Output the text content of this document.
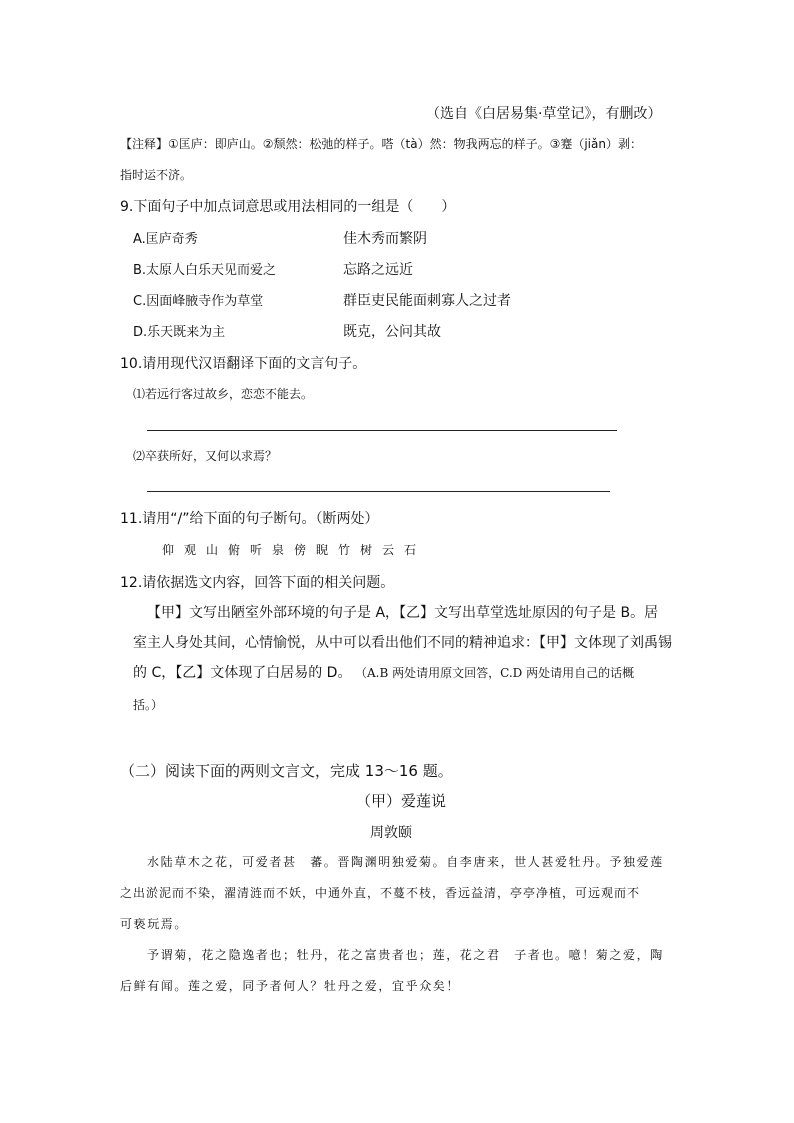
（选自《白居易集·草堂记》，有删改）
【注释】①匡庐：即庐山。②颓然：松弛的样子。嗒（tà）然：物我两忘的样子。③蹇（jiǎn）剥：
指时运不济。
9.下面句子中加点词意思或用法相同的一组是（　　）
A.匡庐奇秀	佳木秀而繁阴
B.太原人白乐天见而爱之	忘路之远近
C.因面峰腋寺作为草堂	群臣吏民能面刺寡人之过者
D.乐天既来为主	既克，公问其故
10.请用现代汉语翻译下面的文言句子。
⑴若远行客过故乡，恋恋不能去。
⑵卒获所好，又何以求焉？
11.请用“/”给下面的句子断句。（断两处）
仰观山俯听泉傍睨竹树云石
12.请依据选文内容，回答下面的相关问题。
【甲】文写出陋室外部环境的句子是 A，【乙】文写出草堂选址原因的句子是 B。居
室主人身处其间，心情愉悦，从中可以看出他们不同的精神追求：【甲】文体现了刘禹锡
的 C，【乙】文体现了白居易的 D。 （A.B 两处请用原文回答，C.D 两处请用自己的话概
括。）
（二）阅读下面的两则文言文，完成 13～16 题。
（甲）爱莲说
周敦颐
水陆草木之花，可爱者甚　蕃。晋陶渊明独爱菊。自李唐来，世人甚爱牡丹。予独爱莲
之出淤泥而不染，濯清涟而不妖，中通外直，不蔓不枝，香远益清，亭亭净植，可远观而不
可亵玩焉。
予谓菊，花之隐逸者也；牡丹，花之富贵者也；莲，花之君　子者也。噫！菊之爱，陶
后鲜有闻。莲之爱，同予者何人？牡丹之爱，宜乎众矣！
